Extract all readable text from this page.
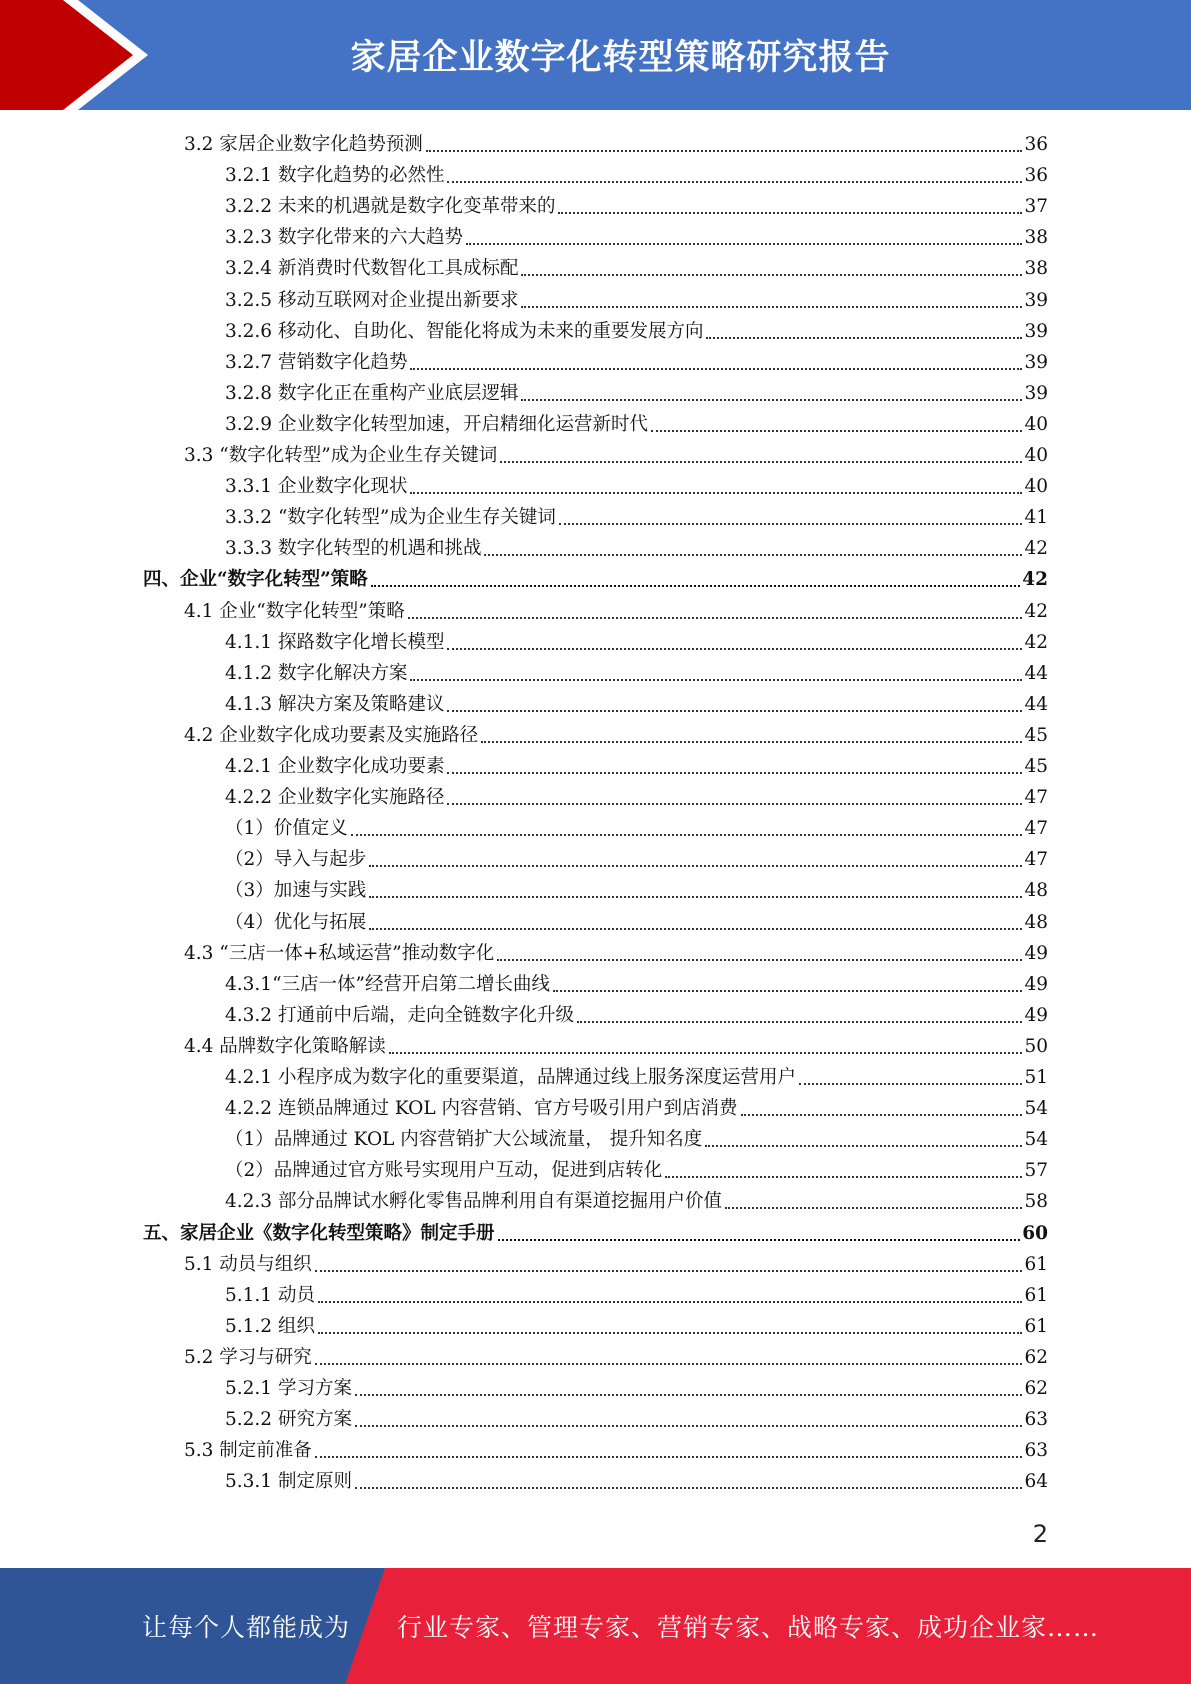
家居企业数字化转型策略研究报告
3.2 家居企业数字化趋势预测	36
3.2.1 数字化趋势的必然性	36
3.2.2 未来的机遇就是数字化变革带来的	37
3.2.3 数字化带来的六大趋势	38
3.2.4 新消费时代数智化工具成标配	38
3.2.5 移动互联网对企业提出新要求	39
3.2.6 移动化、自助化、智能化将成为未来的重要发展方向	39
3.2.7 营销数字化趋势	39
3.2.8 数字化正在重构产业底层逻辑	39
3.2.9 企业数字化转型加速，开启精细化运营新时代	40
3.3 “数字化转型”成为企业生存关键词	40
3.3.1 企业数字化现状	40
3.3.2 “数字化转型”成为企业生存关键词	41
3.3.3 数字化转型的机遇和挑战	42
四、企业“数字化转型”策略	42
4.1 企业“数字化转型”策略	42
4.1.1 探路数字化增长模型	42
4.1.2 数字化解决方案	44
4.1.3 解决方案及策略建议	44
4.2 企业数字化成功要素及实施路径	45
4.2.1 企业数字化成功要素	45
4.2.2 企业数字化实施路径	47
（1）价值定义	47
（2）导入与起步	47
（3）加速与实践	48
（4）优化与拓展	48
4.3 “三店一体+私域运营”推动数字化	49
4.3.1“三店一体”经营开启第二增长曲线	49
4.3.2 打通前中后端，走向全链数字化升级	49
4.4 品牌数字化策略解读	50
4.2.1 小程序成为数字化的重要渠道，品牌通过线上服务深度运营用户	51
4.2.2 连锁品牌通过 KOL 内容营销、官方号吸引用户到店消费	54
（1）品牌通过 KOL 内容营销扩大公域流量， 提升知名度	54
（2）品牌通过官方账号实现用户互动，促进到店转化	57
4.2.3 部分品牌试水孵化零售品牌利用自有渠道挖掘用户价值	58
五、家居企业《数字化转型策略》制定手册	60
5.1 动员与组织	61
5.1.1 动员	61
5.1.2 组织	61
5.2 学习与研究	62
5.2.1 学习方案	62
5.2.2 研究方案	63
5.3 制定前准备	63
5.3.1 制定原则	64
2
让每个人都能成为 行业专家、管理专家、营销专家、战略专家、成功企业家……
